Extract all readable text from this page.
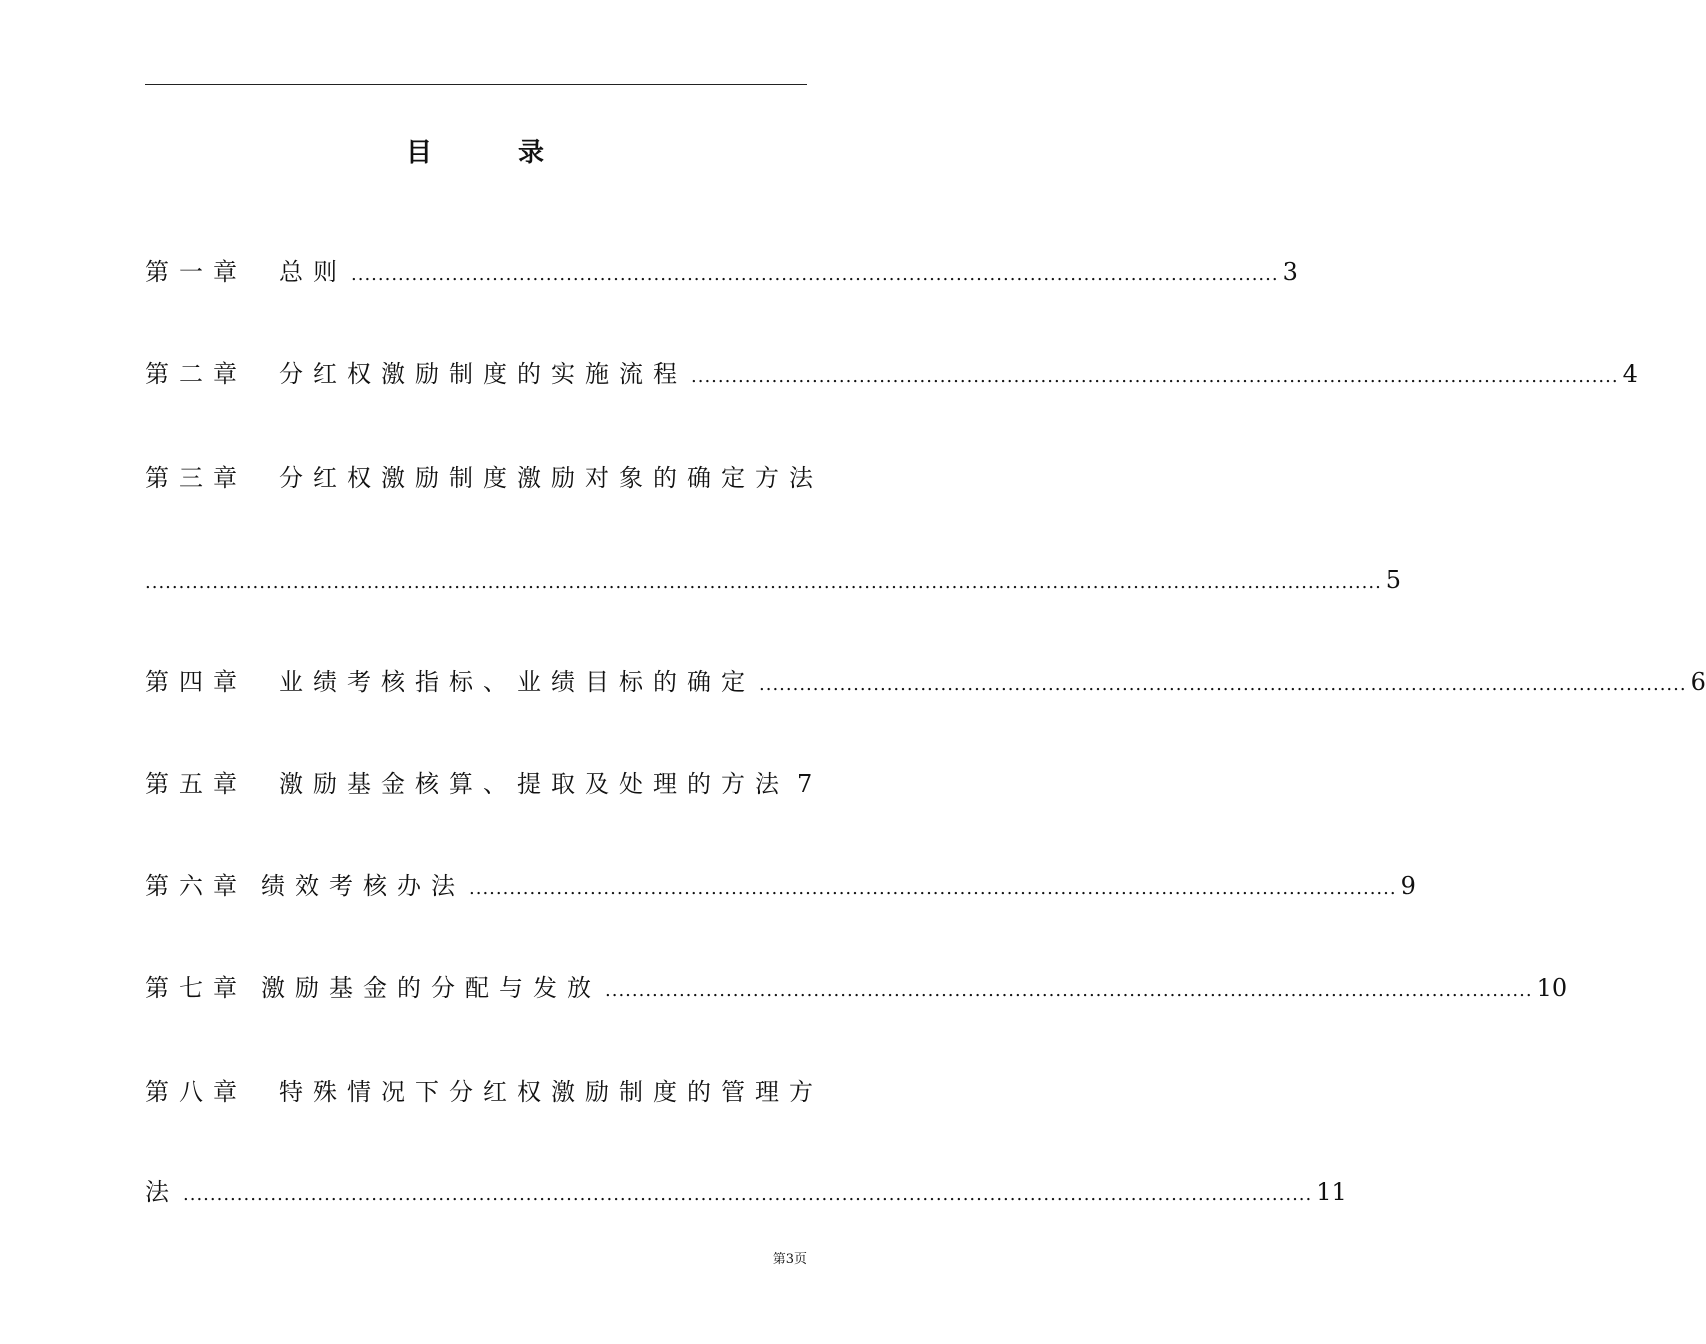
目　录
第一章 总则 .......................................................................................................................................... 3
第二章 分红权激励制度的实施流程 .......................................................................................................................................... 4
第三章 分红权激励制度激励对象的确定方法
........................................................................................................................................................................................ 5
第四章 业绩考核指标、业绩目标的确定 .......................................................................................................................................... 6
第五章 激励基金核算、提取及处理的方法 7
第六章 绩效考核办法 .......................................................................................................................................... 9
第七章 激励基金的分配与发放 .......................................................................................................................................... 10
第八章 特殊情况下分红权激励制度的管理方
法 ........................................................................................................................................................................ 11
第3页
